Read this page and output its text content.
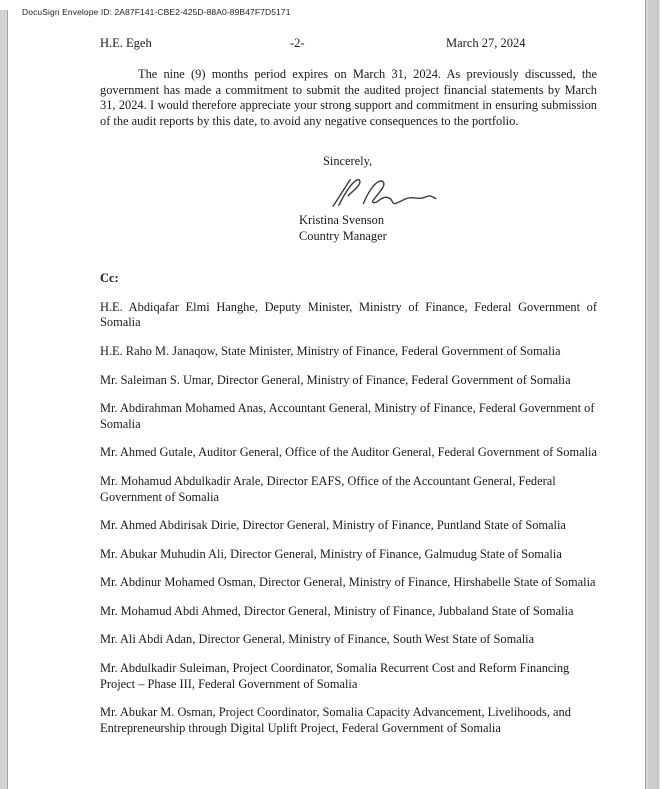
DocuSign Envelope ID: 2A87F141-CBE2-425D-88A0-89B47F7D5171
H.E. Egeh	-2-	March 27, 2024

The nine (9) months period expires on March 31, 2024. As previously discussed, the government has made a commitment to submit the audited project financial statements by March 31, 2024. I would therefore appreciate your strong support and commitment in ensuring submission of the audit reports by this date, to avoid any negative consequences to the portfolio.

Sincerely,
Kristina Svenson
Country Manager
Cc:

H.E. Abdiqafar Elmi Hanghe, Deputy Minister, Ministry of Finance, Federal Government of Somalia

H.E. Raho M. Janaqow, State Minister, Ministry of Finance, Federal Government of Somalia

Mr. Saleiman S. Umar, Director General, Ministry of Finance, Federal Government of Somalia

Mr. Abdirahman Mohamed Anas, Accountant General, Ministry of Finance, Federal Government of Somalia

Mr. Ahmed Gutale, Auditor General, Office of the Auditor General, Federal Government of Somalia

Mr. Mohamud Abdulkadir Arale, Director EAFS, Office of the Accountant General, Federal Government of Somalia

Mr. Ahmed Abdirisak Dirie, Director General, Ministry of Finance, Puntland State of Somalia

Mr. Abukar Muhudin Ali, Director General, Ministry of Finance, Galmudug State of Somalia

Mr. Abdinur Mohamed Osman, Director General, Ministry of Finance, Hirshabelle State of Somalia

Mr. Mohamud Abdi Ahmed, Director General, Ministry of Finance, Jubbaland State of Somalia

Mr. Ali Abdi Adan, Director General, Ministry of Finance, South West State of Somalia

Mr. Abdulkadir Suleiman, Project Coordinator, Somalia Recurrent Cost and Reform Financing Project – Phase III, Federal Government of Somalia

Mr. Abukar M. Osman, Project Coordinator, Somalia Capacity Advancement, Livelihoods, and Entrepreneurship through Digital Uplift Project, Federal Government of Somalia
